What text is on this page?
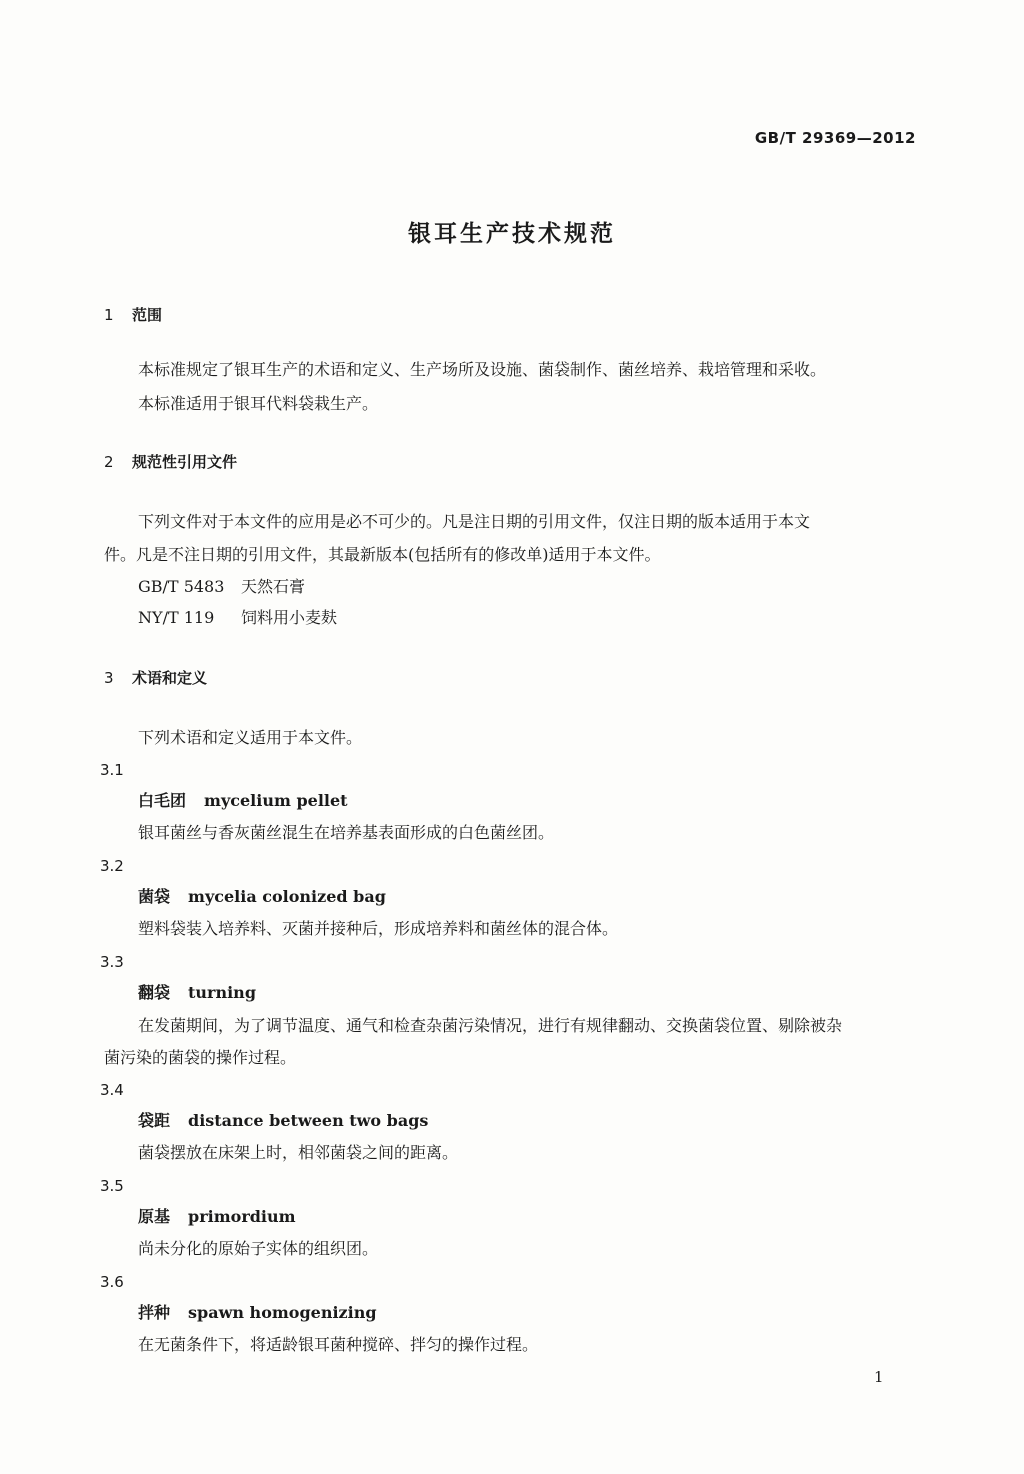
GB/T 29369—2012
银耳生产技术规范
1 范围
本标准规定了银耳生产的术语和定义、生产场所及设施、菌袋制作、菌丝培养、栽培管理和采收。
本标准适用于银耳代料袋栽生产。
2 规范性引用文件
下列文件对于本文件的应用是必不可少的。凡是注日期的引用文件，仅注日期的版本适用于本文
件。凡是不注日期的引用文件，其最新版本(包括所有的修改单)适用于本文件。
GB/T 5483 天然石膏
NY/T 119 饲料用小麦麸
3 术语和定义
下列术语和定义适用于本文件。
3.1
白毛团 mycelium pellet
银耳菌丝与香灰菌丝混生在培养基表面形成的白色菌丝团。
3.2
菌袋 mycelia colonized bag
塑料袋装入培养料、灭菌并接种后，形成培养料和菌丝体的混合体。
3.3
翻袋 turning
在发菌期间，为了调节温度、通气和检查杂菌污染情况，进行有规律翻动、交换菌袋位置、剔除被杂
菌污染的菌袋的操作过程。
3.4
袋距 distance between two bags
菌袋摆放在床架上时，相邻菌袋之间的距离。
3.5
原基 primordium
尚未分化的原始子实体的组织团。
3.6
拌种 spawn homogenizing
在无菌条件下，将适龄银耳菌种搅碎、拌匀的操作过程。
1
